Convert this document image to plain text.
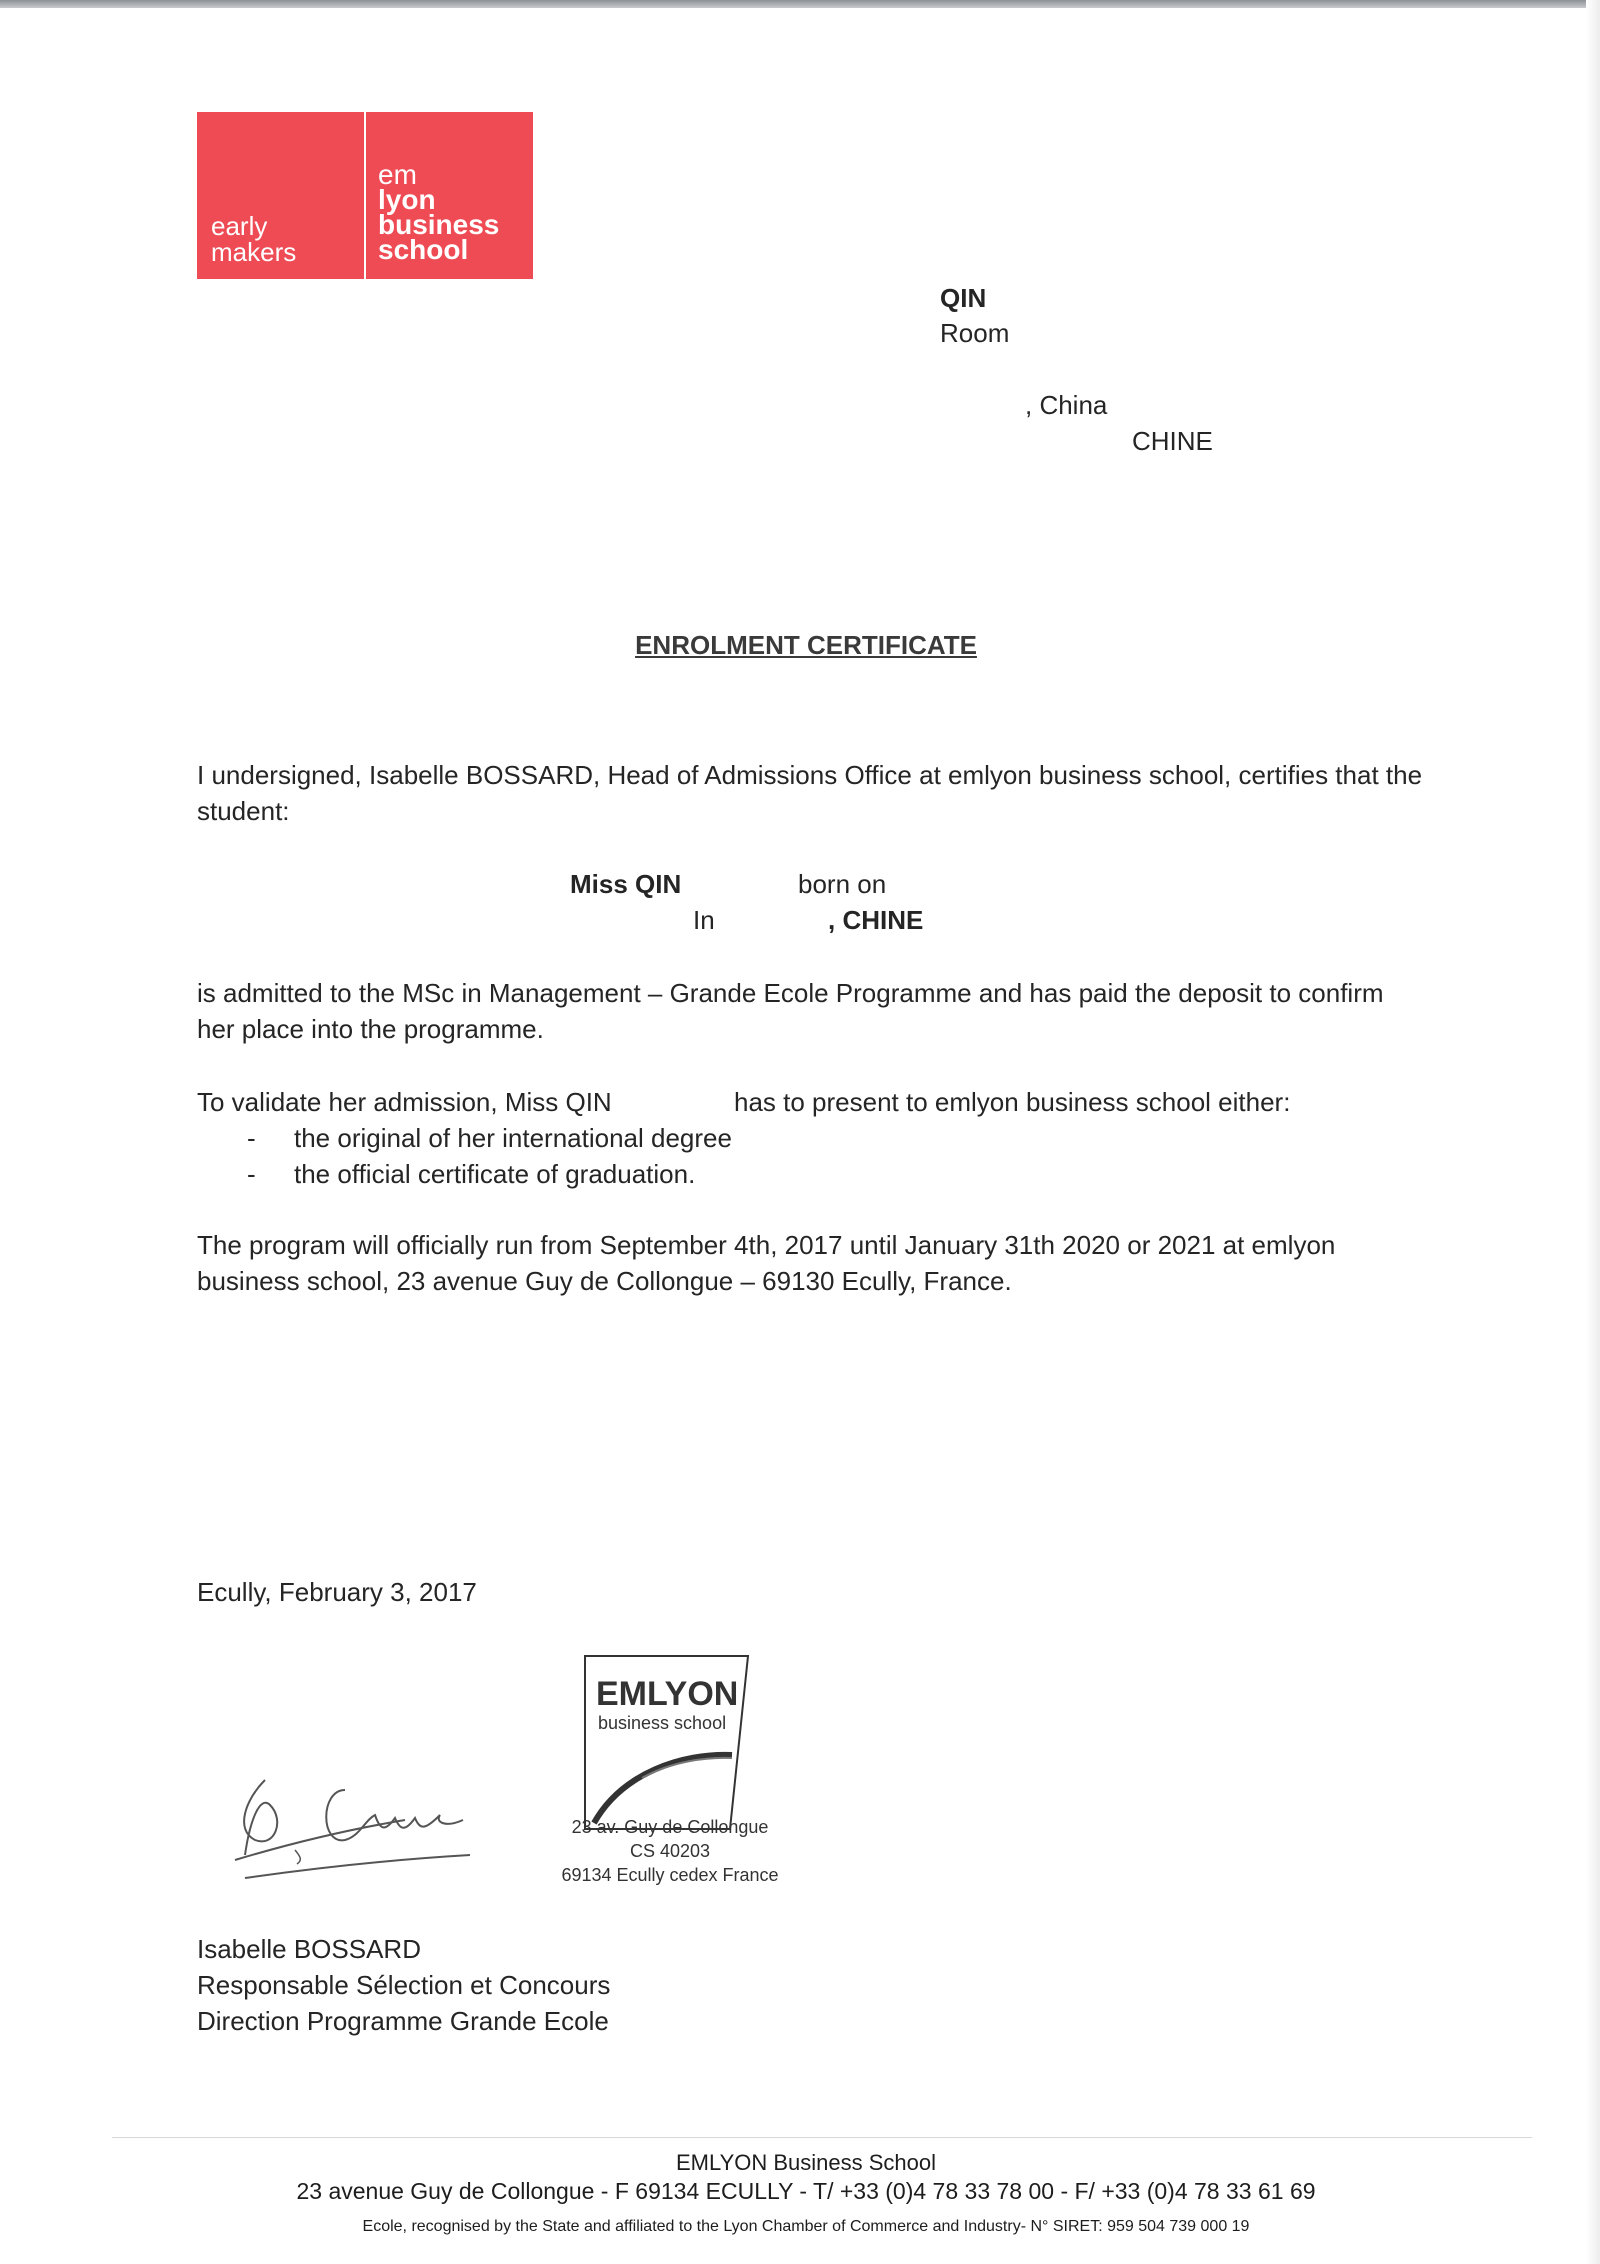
early
makers
em
lyon
business
school
QIN
Room
, China
CHINE
ENROLMENT CERTIFICATE
I undersigned, Isabelle BOSSARD, Head of Admissions Office at emlyon business school, certifies that the student:
Miss QIN	born on
In	, CHINE
is admitted to the MSc in Management – Grande Ecole Programme and has paid the deposit to confirm her place into the programme.
To validate her admission, Miss QIN	has to present to emlyon business school either:
- the original of her international degree
- the official certificate of graduation.
The program will officially run from September 4th, 2017 until January 31th 2020 or 2021 at emlyon business school, 23 avenue Guy de Collongue – 69130 Ecully, France.
Ecully, February 3, 2017
EMLYON
business school
23 av. Guy de Collongue
CS 40203
69134 Ecully cedex France
Isabelle BOSSARD
Responsable Sélection et Concours
Direction Programme Grande Ecole
EMLYON Business School
23 avenue Guy de Collongue - F 69134 ECULLY - T/ +33 (0)4 78 33 78 00 - F/ +33 (0)4 78 33 61 69
Ecole, recognised by the State and affiliated to the Lyon Chamber of Commerce and Industry- N° SIRET: 959 504 739 000 19
